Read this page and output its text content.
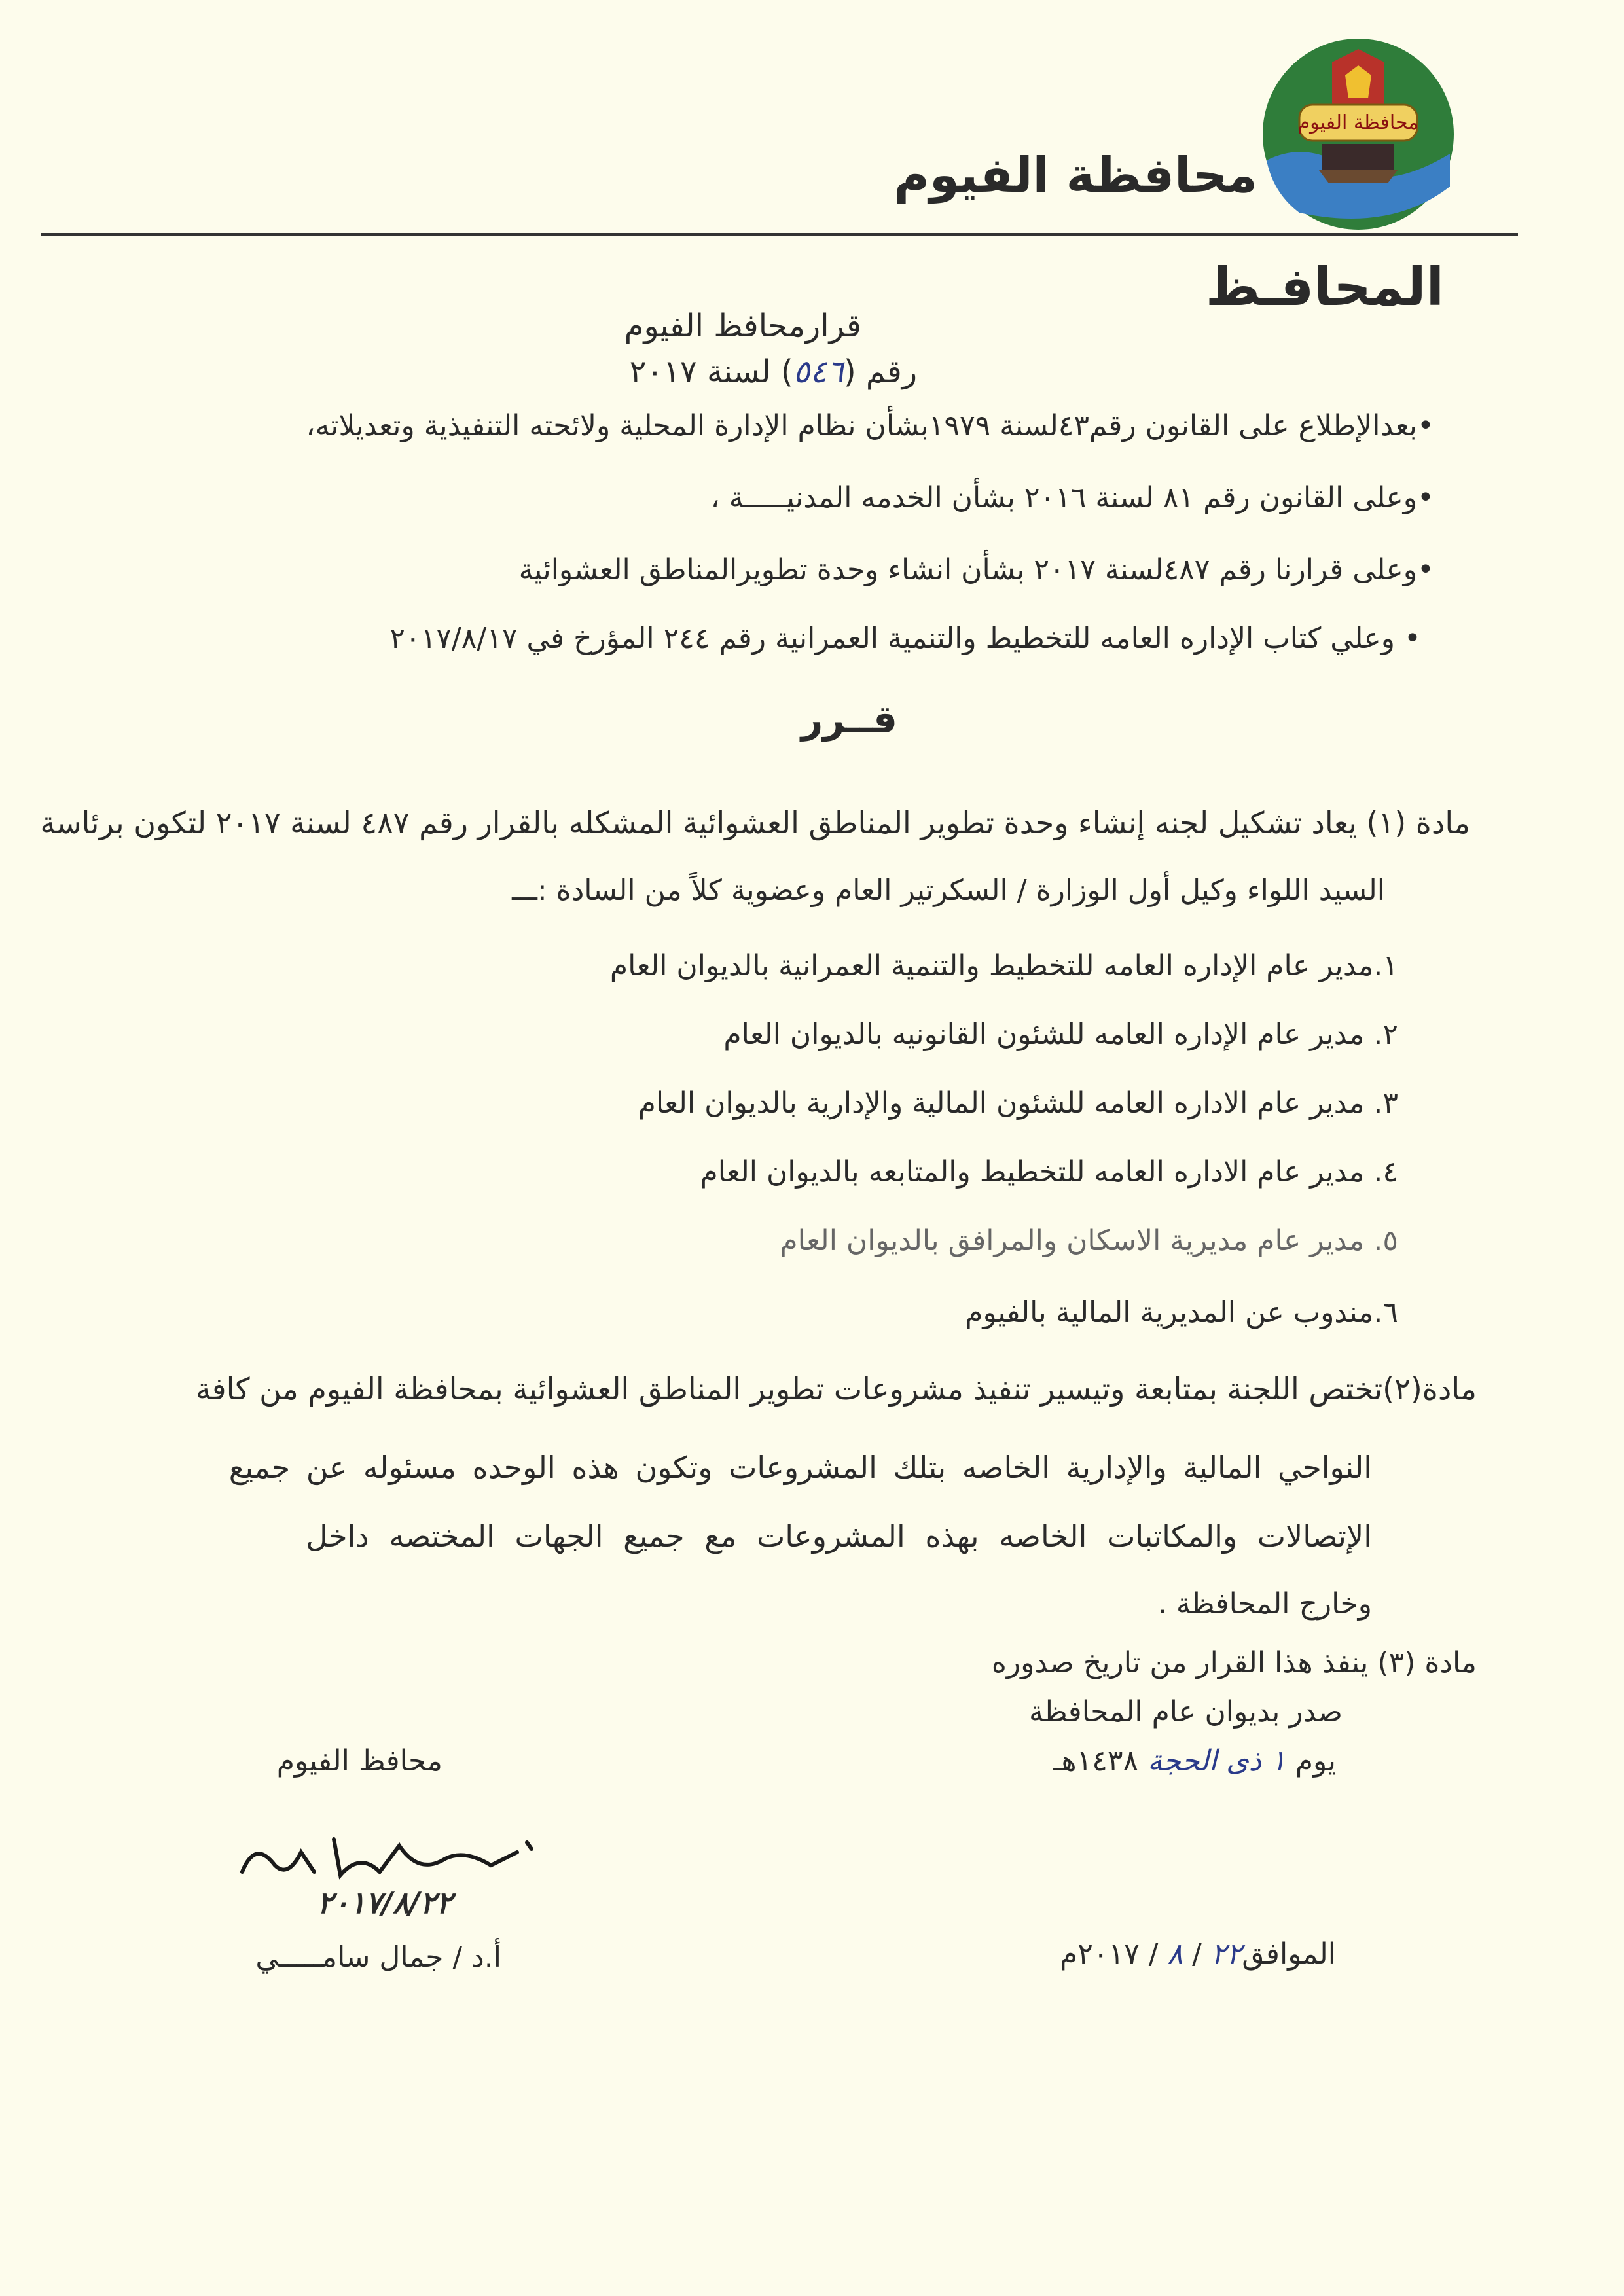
محافظة الفيوم
محافظة الفيوم
المحافـظ
قرارمحافظ الفيوم
رقم (٥٤٦) لسنة ٢٠١٧
•بعدالإطلاع على القانون رقم٤٣لسنة ١٩٧٩بشأن نظام الإدارة المحلية ولائحته التنفيذية وتعديلاته،
•وعلى القانون رقم ٨١ لسنة ٢٠١٦ بشأن الخدمه المدنيـــــة ،
•وعلى قرارنا رقم ٤٨٧لسنة ٢٠١٧ بشأن انشاء وحدة تطويرالمناطق العشوائية
• وعلي كتاب الإداره العامه للتخطيط والتنمية العمرانية رقم ٢٤٤ المؤرخ في ٢٠١٧/٨/١٧
قــرر
مادة (١) يعاد تشكيل لجنه إنشاء وحدة تطوير المناطق العشوائية المشكله بالقرار رقم ٤٨٧ لسنة ٢٠١٧ لتكون برئاسة
السيد اللواء وكيل أول الوزارة / السكرتير العام وعضوية كلاً من السادة :ـــ
١.مدير عام الإداره العامه للتخطيط والتنمية العمرانية بالديوان العام
٢. مدير عام الإداره العامه للشئون القانونيه بالديوان العام
٣. مدير عام الاداره العامه للشئون المالية والإدارية بالديوان العام
٤. مدير عام الاداره العامه للتخطيط والمتابعه بالديوان العام
٥. مدير عام مديرية الاسكان والمرافق بالديوان العام
٦.مندوب عن المديرية المالية بالفيوم
مادة(٢)تختص اللجنة بمتابعة وتيسير تنفيذ مشروعات تطوير المناطق العشوائية بمحافظة الفيوم من كافة
النواحي المالية والإدارية الخاصه بتلك المشروعات وتكون هذه الوحده مسئوله عن جميع
الإتصالات والمكاتبات الخاصه بهذه المشروعات مع جميع الجهات المختصه داخل
وخارج المحافظة .
مادة (٣) ينفذ هذا القرار من تاريخ صدوره
صدر بديوان عام المحافظة
يوم ١ ذى الحجة ١٤٣٨هـ
الموافق٢٢ / ٨ / ٢٠١٧م
محافظ الفيوم
٢٠١٧/٨/٢٢
أ.د / جمال سامـــــي
